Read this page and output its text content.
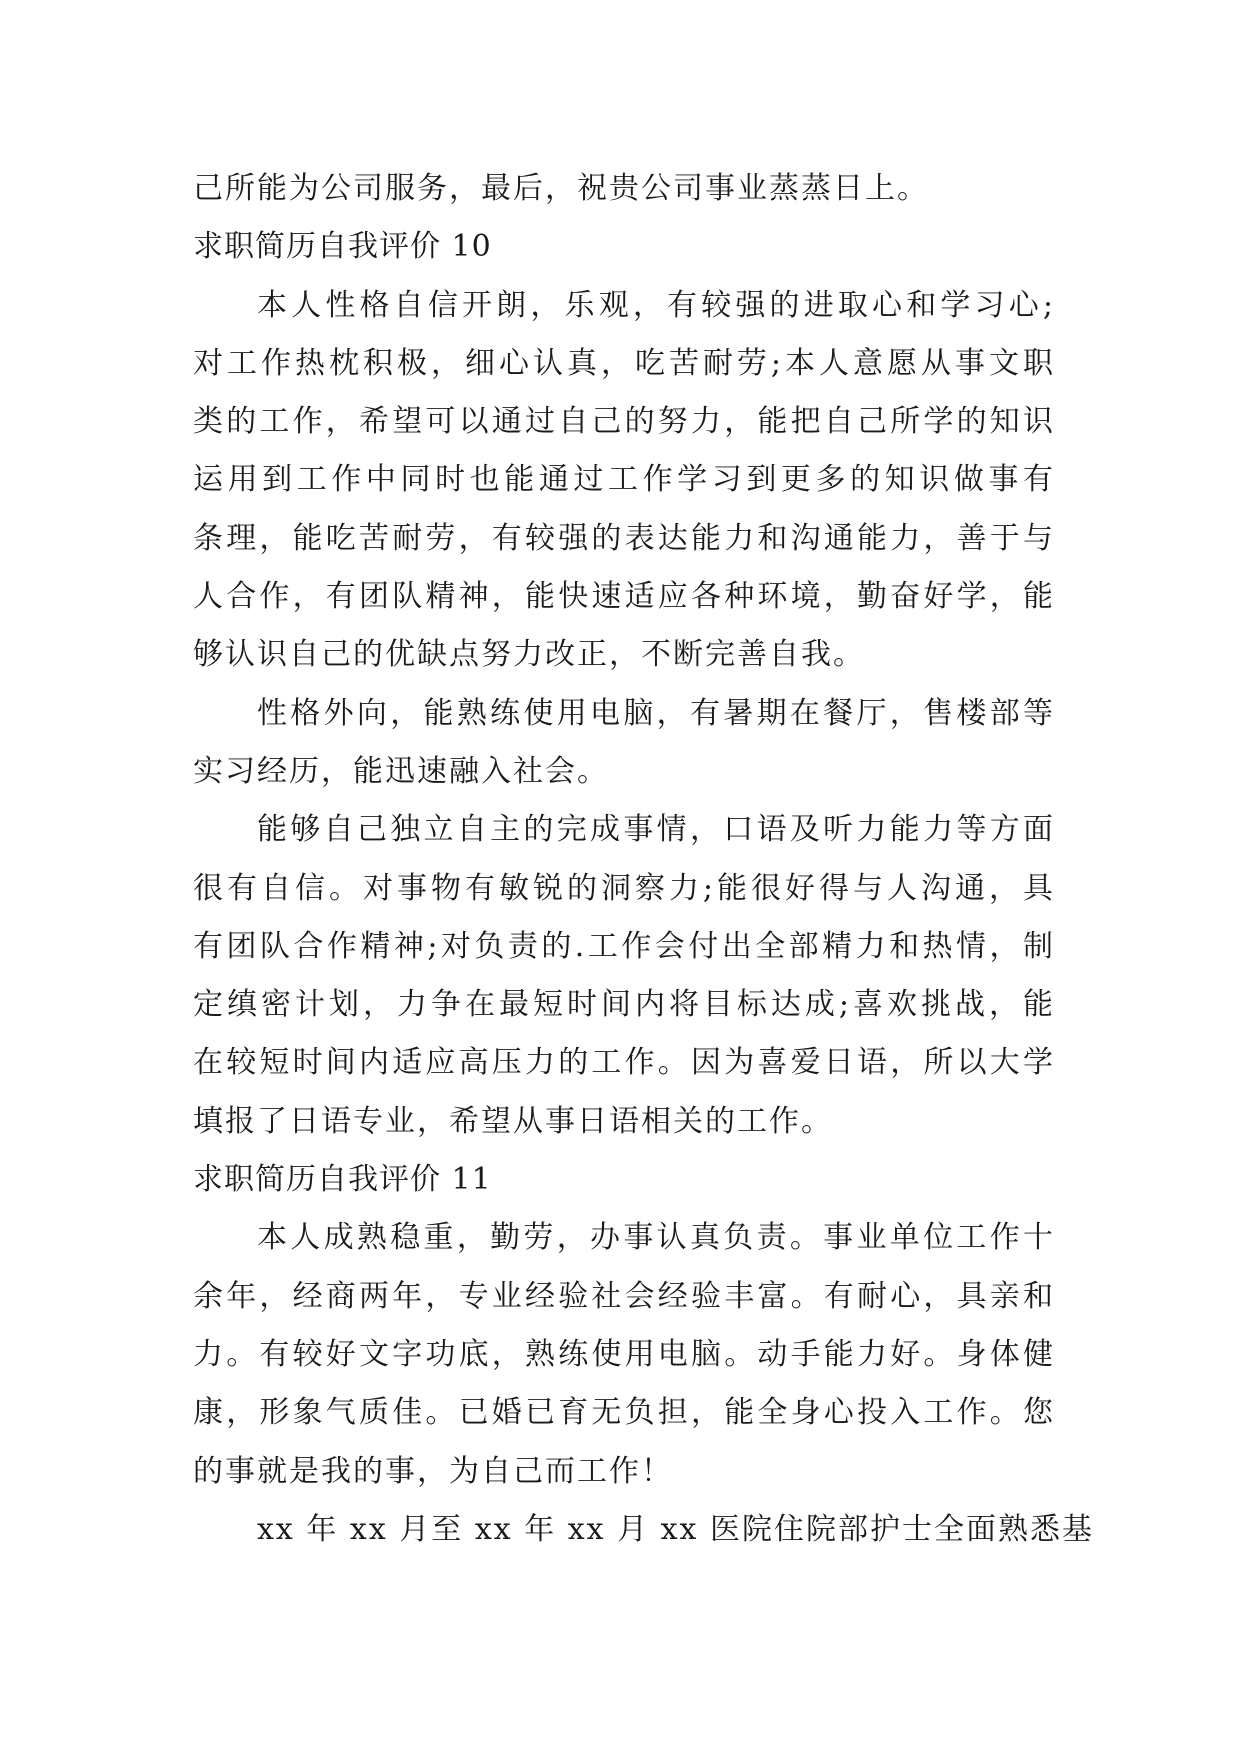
己所能为公司服务，最后，祝贵公司事业蒸蒸日上。
求职简历自我评价 10
本人性格自信开朗，乐观，有较强的进取心和学习心;
对工作热枕积极，细心认真，吃苦耐劳;本人意愿从事文职
类的工作，希望可以通过自己的努力，能把自己所学的知识
运用到工作中同时也能通过工作学习到更多的知识做事有
条理，能吃苦耐劳，有较强的表达能力和沟通能力，善于与
人合作，有团队精神，能快速适应各种环境，勤奋好学，能
够认识自己的优缺点努力改正，不断完善自我。
性格外向，能熟练使用电脑，有暑期在餐厅，售楼部等
实习经历，能迅速融入社会。
能够自己独立自主的完成事情，口语及听力能力等方面
很有自信。对事物有敏锐的洞察力;能很好得与人沟通，具
有团队合作精神;对负责的.工作会付出全部精力和热情，制
定缜密计划，力争在最短时间内将目标达成;喜欢挑战，能
在较短时间内适应高压力的工作。因为喜爱日语，所以大学
填报了日语专业，希望从事日语相关的工作。
求职简历自我评价 11
本人成熟稳重，勤劳，办事认真负责。事业单位工作十
余年，经商两年，专业经验社会经验丰富。有耐心，具亲和
力。有较好文字功底，熟练使用电脑。动手能力好。身体健
康，形象气质佳。已婚已育无负担，能全身心投入工作。您
的事就是我的事，为自己而工作！
xx 年 xx 月至 xx 年 xx 月 xx 医院住院部护士全面熟悉基
